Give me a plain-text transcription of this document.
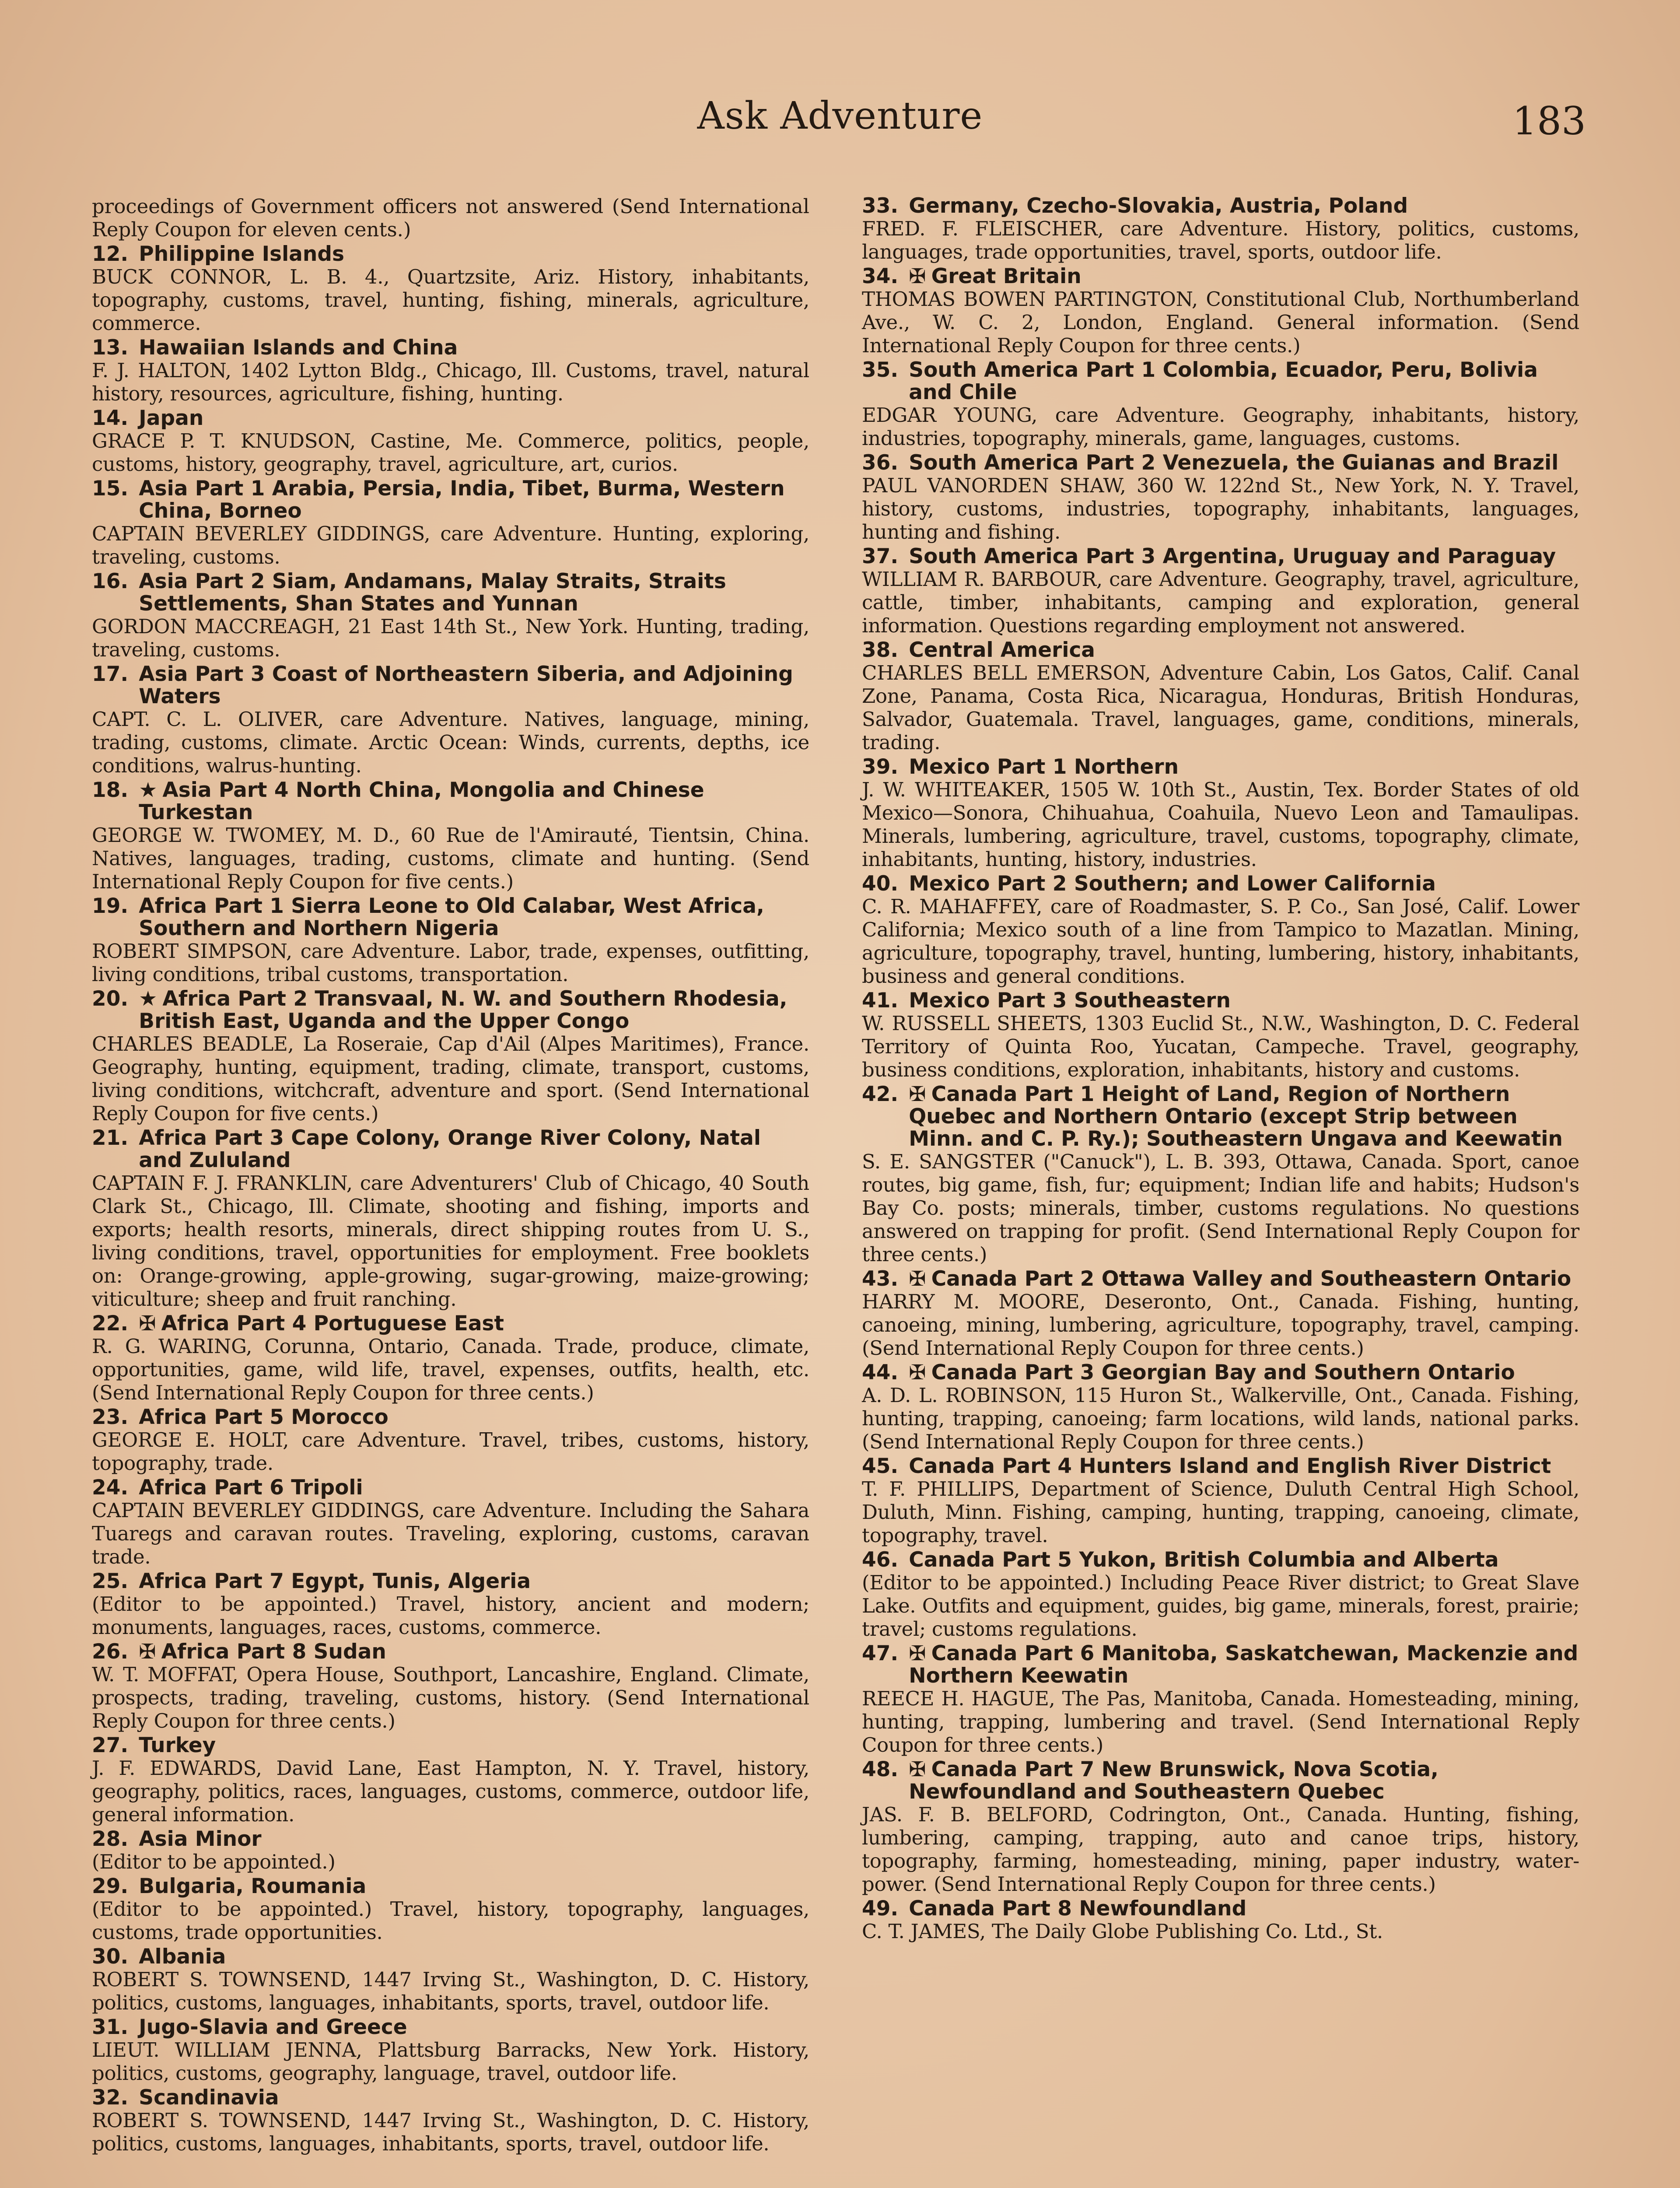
Ask Adventure	183
proceedings of Government officers not answered (Send International Reply Coupon for eleven cents.)
12. Philippine Islands
BUCK CONNOR, L. B. 4., Quartzsite, Ariz. History, inhabitants, topography, customs, travel, hunting, fishing, minerals, agriculture, commerce.
13. Hawaiian Islands and China
F. J. HALTON, 1402 Lytton Bldg., Chicago, Ill. Customs, travel, natural history, resources, agriculture, fishing, hunting.
14. Japan
GRACE P. T. KNUDSON, Castine, Me. Commerce, politics, people, customs, history, geography, travel, agriculture, art, curios.
15. Asia Part 1 Arabia, Persia, India, Tibet, Burma, Western China, Borneo
CAPTAIN BEVERLEY GIDDINGS, care Adventure. Hunting, exploring, traveling, customs.
16. Asia Part 2 Siam, Andamans, Malay Straits, Straits Settlements, Shan States and Yunnan
GORDON MACCREAGH, 21 East 14th St., New York. Hunting, trading, traveling, customs.
17. Asia Part 3 Coast of Northeastern Siberia, and Adjoining Waters
CAPT. C. L. OLIVER, care Adventure. Natives, language, mining, trading, customs, climate. Arctic Ocean: Winds, currents, depths, ice conditions, walrus-hunting.
18. ★ Asia Part 4 North China, Mongolia and Chinese Turkestan
GEORGE W. TWOMEY, M. D., 60 Rue de l'Amirauté, Tientsin, China. Natives, languages, trading, customs, climate and hunting. (Send International Reply Coupon for five cents.)
19. Africa Part 1 Sierra Leone to Old Calabar, West Africa, Southern and Northern Nigeria
ROBERT SIMPSON, care Adventure. Labor, trade, expenses, outfitting, living conditions, tribal customs, transportation.
20. ★ Africa Part 2 Transvaal, N. W. and Southern Rhodesia, British East, Uganda and the Upper Congo
CHARLES BEADLE, La Roseraie, Cap d'Ail (Alpes Maritimes), France. Geography, hunting, equipment, trading, climate, transport, customs, living conditions, witchcraft, adventure and sport. (Send International Reply Coupon for five cents.)
21. Africa Part 3 Cape Colony, Orange River Colony, Natal and Zululand
CAPTAIN F. J. FRANKLIN, care Adventurers' Club of Chicago, 40 South Clark St., Chicago, Ill. Climate, shooting and fishing, imports and exports; health resorts, minerals, direct shipping routes from U. S., living conditions, travel, opportunities for employment. Free booklets on: Orange-growing, apple-growing, sugar-growing, maize-growing; viticulture; sheep and fruit ranching.
22. ✠ Africa Part 4 Portuguese East
R. G. WARING, Corunna, Ontario, Canada. Trade, produce, climate, opportunities, game, wild life, travel, expenses, outfits, health, etc. (Send International Reply Coupon for three cents.)
23. Africa Part 5 Morocco
GEORGE E. HOLT, care Adventure. Travel, tribes, customs, history, topography, trade.
24. Africa Part 6 Tripoli
CAPTAIN BEVERLEY GIDDINGS, care Adventure. Including the Sahara Tuaregs and caravan routes. Traveling, exploring, customs, caravan trade.
25. Africa Part 7 Egypt, Tunis, Algeria
(Editor to be appointed.) Travel, history, ancient and modern; monuments, languages, races, customs, commerce.
26. ✠ Africa Part 8 Sudan
W. T. MOFFAT, Opera House, Southport, Lancashire, England. Climate, prospects, trading, traveling, customs, history. (Send International Reply Coupon for three cents.)
27. Turkey
J. F. EDWARDS, David Lane, East Hampton, N. Y. Travel, history, geography, politics, races, languages, customs, commerce, outdoor life, general information.
28. Asia Minor
(Editor to be appointed.)
29. Bulgaria, Roumania
(Editor to be appointed.) Travel, history, topography, languages, customs, trade opportunities.
30. Albania
ROBERT S. TOWNSEND, 1447 Irving St., Washington, D. C. History, politics, customs, languages, inhabitants, sports, travel, outdoor life.
31. Jugo-Slavia and Greece
LIEUT. WILLIAM JENNA, Plattsburg Barracks, New York. History, politics, customs, geography, language, travel, outdoor life.
32. Scandinavia
ROBERT S. TOWNSEND, 1447 Irving St., Washington, D. C. History, politics, customs, languages, inhabitants, sports, travel, outdoor life.
33. Germany, Czecho-Slovakia, Austria, Poland
FRED. F. FLEISCHER, care Adventure. History, politics, customs, languages, trade opportunities, travel, sports, outdoor life.
34. ✠ Great Britain
THOMAS BOWEN PARTINGTON, Constitutional Club, Northumberland Ave., W. C. 2, London, England. General information. (Send International Reply Coupon for three cents.)
35. South America Part 1 Colombia, Ecuador, Peru, Bolivia and Chile
EDGAR YOUNG, care Adventure. Geography, inhabitants, history, industries, topography, minerals, game, languages, customs.
36. South America Part 2 Venezuela, the Guianas and Brazil
PAUL VANORDEN SHAW, 360 W. 122nd St., New York, N. Y. Travel, history, customs, industries, topography, inhabitants, languages, hunting and fishing.
37. South America Part 3 Argentina, Uruguay and Paraguay
WILLIAM R. BARBOUR, care Adventure. Geography, travel, agriculture, cattle, timber, inhabitants, camping and exploration, general information. Questions regarding employment not answered.
38. Central America
CHARLES BELL EMERSON, Adventure Cabin, Los Gatos, Calif. Canal Zone, Panama, Costa Rica, Nicaragua, Honduras, British Honduras, Salvador, Guatemala. Travel, languages, game, conditions, minerals, trading.
39. Mexico Part 1 Northern
J. W. WHITEAKER, 1505 W. 10th St., Austin, Tex. Border States of old Mexico—Sonora, Chihuahua, Coahuila, Nuevo Leon and Tamaulipas. Minerals, lumbering, agriculture, travel, customs, topography, climate, inhabitants, hunting, history, industries.
40. Mexico Part 2 Southern; and Lower California
C. R. MAHAFFEY, care of Roadmaster, S. P. Co., San José, Calif. Lower California; Mexico south of a line from Tampico to Mazatlan. Mining, agriculture, topography, travel, hunting, lumbering, history, inhabitants, business and general conditions.
41. Mexico Part 3 Southeastern
W. RUSSELL SHEETS, 1303 Euclid St., N.W., Washington, D. C. Federal Territory of Quinta Roo, Yucatan, Campeche. Travel, geography, business conditions, exploration, inhabitants, history and customs.
42. ✠ Canada Part 1 Height of Land, Region of Northern Quebec and Northern Ontario (except Strip between Minn. and C. P. Ry.); Southeastern Ungava and Keewatin
S. E. SANGSTER ("Canuck"), L. B. 393, Ottawa, Canada. Sport, canoe routes, big game, fish, fur; equipment; Indian life and habits; Hudson's Bay Co. posts; minerals, timber, customs regulations. No questions answered on trapping for profit. (Send International Reply Coupon for three cents.)
43. ✠ Canada Part 2 Ottawa Valley and Southeastern Ontario
HARRY M. MOORE, Deseronto, Ont., Canada. Fishing, hunting, canoeing, mining, lumbering, agriculture, topography, travel, camping. (Send International Reply Coupon for three cents.)
44. ✠ Canada Part 3 Georgian Bay and Southern Ontario
A. D. L. ROBINSON, 115 Huron St., Walkerville, Ont., Canada. Fishing, hunting, trapping, canoeing; farm locations, wild lands, national parks. (Send International Reply Coupon for three cents.)
45. Canada Part 4 Hunters Island and English River District
T. F. PHILLIPS, Department of Science, Duluth Central High School, Duluth, Minn. Fishing, camping, hunting, trapping, canoeing, climate, topography, travel.
46. Canada Part 5 Yukon, British Columbia and Alberta
(Editor to be appointed.) Including Peace River district; to Great Slave Lake. Outfits and equipment, guides, big game, minerals, forest, prairie; travel; customs regulations.
47. ✠ Canada Part 6 Manitoba, Saskatchewan, Mackenzie and Northern Keewatin
REECE H. HAGUE, The Pas, Manitoba, Canada. Homesteading, mining, hunting, trapping, lumbering and travel. (Send International Reply Coupon for three cents.)
48. ✠ Canada Part 7 New Brunswick, Nova Scotia, Newfoundland and Southeastern Quebec
JAS. F. B. BELFORD, Codrington, Ont., Canada. Hunting, fishing, lumbering, camping, trapping, auto and canoe trips, history, topography, farming, homesteading, mining, paper industry, water-power. (Send International Reply Coupon for three cents.)
49. Canada Part 8 Newfoundland
C. T. JAMES, The Daily Globe Publishing Co. Ltd., St.
